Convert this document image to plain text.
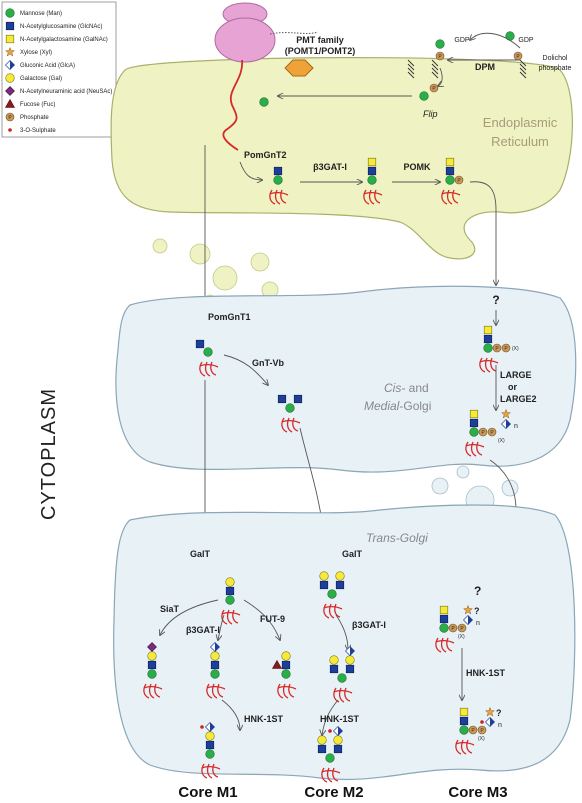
Mannose (Man)
N-Acetylglucosamine (GlcNAc)
N-Acetylgalactosamine (GalNAc)
Xylose (Xyl)
Gluconic Acid (GlcA)
Galactose (Gal)
N-Acetylneuraminic acid (NeuSAc)
Fucose (Fuc)
Phosphate
3-O-Sulphate
CYTOPLASM
PMT family
(POMT1/POMT2)
GDP	GDP
Dolichol
phosphate
DPM
Flip
Endoplasmic
Reticulum
PomGnT2
β3GAT-I	POMK
?
PomGnT1
GnT-Vb
(X)
LARGE
or
LARGE2
(X)
n
Cis- and
Medial-Golgi
Trans-Golgi
GalT
SiaT
β3GAT-I
FUT-9
HNK-1ST
GalT
β3GAT-I
HNK-1ST
?
?
n
(X)
HNK-1ST
?
n
(X)
Core M1	Core M2	Core M3
